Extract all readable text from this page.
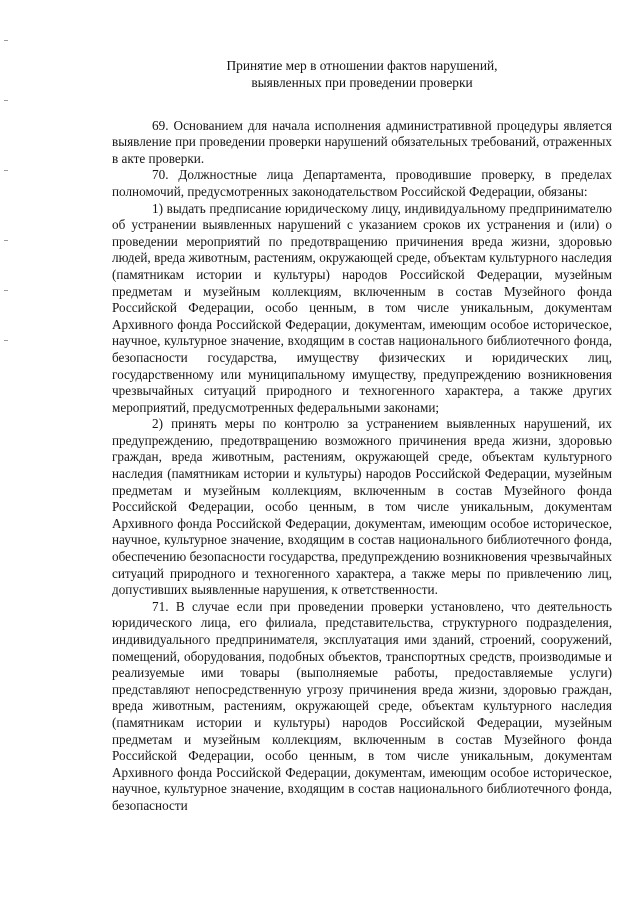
Принятие мер в отношении фактов нарушений,
выявленных при проведении проверки

69. Основанием для начала исполнения административной процедуры является выявление при проведении проверки нарушений обязательных требований, отраженных в акте проверки.

70. Должностные лица Департамента, проводившие проверку, в пределах полномочий, предусмотренных законодательством Российской Федерации, обязаны:

1) выдать предписание юридическому лицу, индивидуальному предпринимателю об устранении выявленных нарушений с указанием сроков их устранения и (или) о проведении мероприятий по предотвращению причинения вреда жизни, здоровью людей, вреда животным, растениям, окружающей среде, объектам культурного наследия (памятникам истории и культуры) народов Российской Федерации, музейным предметам и музейным коллекциям, включенным в состав Музейного фонда Российской Федерации, особо ценным, в том числе уникальным, документам Архивного фонда Российской Федерации, документам, имеющим особое историческое, научное, культурное значение, входящим в состав национального библиотечного фонда, безопасности государства, имуществу физических и юридических лиц, государственному или муниципальному имуществу, предупреждению возникновения чрезвычайных ситуаций природного и техногенного характера, а также других мероприятий, предусмотренных федеральными законами;

2) принять меры по контролю за устранением выявленных нарушений, их предупреждению, предотвращению возможного причинения вреда жизни, здоровью граждан, вреда животным, растениям, окружающей среде, объектам культурного наследия (памятникам истории и культуры) народов Российской Федерации, музейным предметам и музейным коллекциям, включенным в состав Музейного фонда Российской Федерации, особо ценным, в том числе уникальным, документам Архивного фонда Российской Федерации, документам, имеющим особое историческое, научное, культурное значение, входящим в состав национального библиотечного фонда, обеспечению безопасности государства, предупреждению возникновения чрезвычайных ситуаций природного и техногенного характера, а также меры по привлечению лиц, допустивших выявленные нарушения, к ответственности.

71. В случае если при проведении проверки установлено, что деятельность юридического лица, его филиала, представительства, структурного подразделения, индивидуального предпринимателя, эксплуатация ими зданий, строений, сооружений, помещений, оборудования, подобных объектов, транспортных средств, производимые и реализуемые ими товары (выполняемые работы, предоставляемые услуги) представляют непосредственную угрозу причинения вреда жизни, здоровью граждан, вреда животным, растениям, окружающей среде, объектам культурного наследия (памятникам истории и культуры) народов Российской Федерации, музейным предметам и музейным коллекциям, включенным в состав Музейного фонда Российской Федерации, особо ценным, в том числе уникальным, документам Архивного фонда Российской Федерации, документам, имеющим особое историческое, научное, культурное значение, входящим в состав национального библиотечного фонда, безопасности
